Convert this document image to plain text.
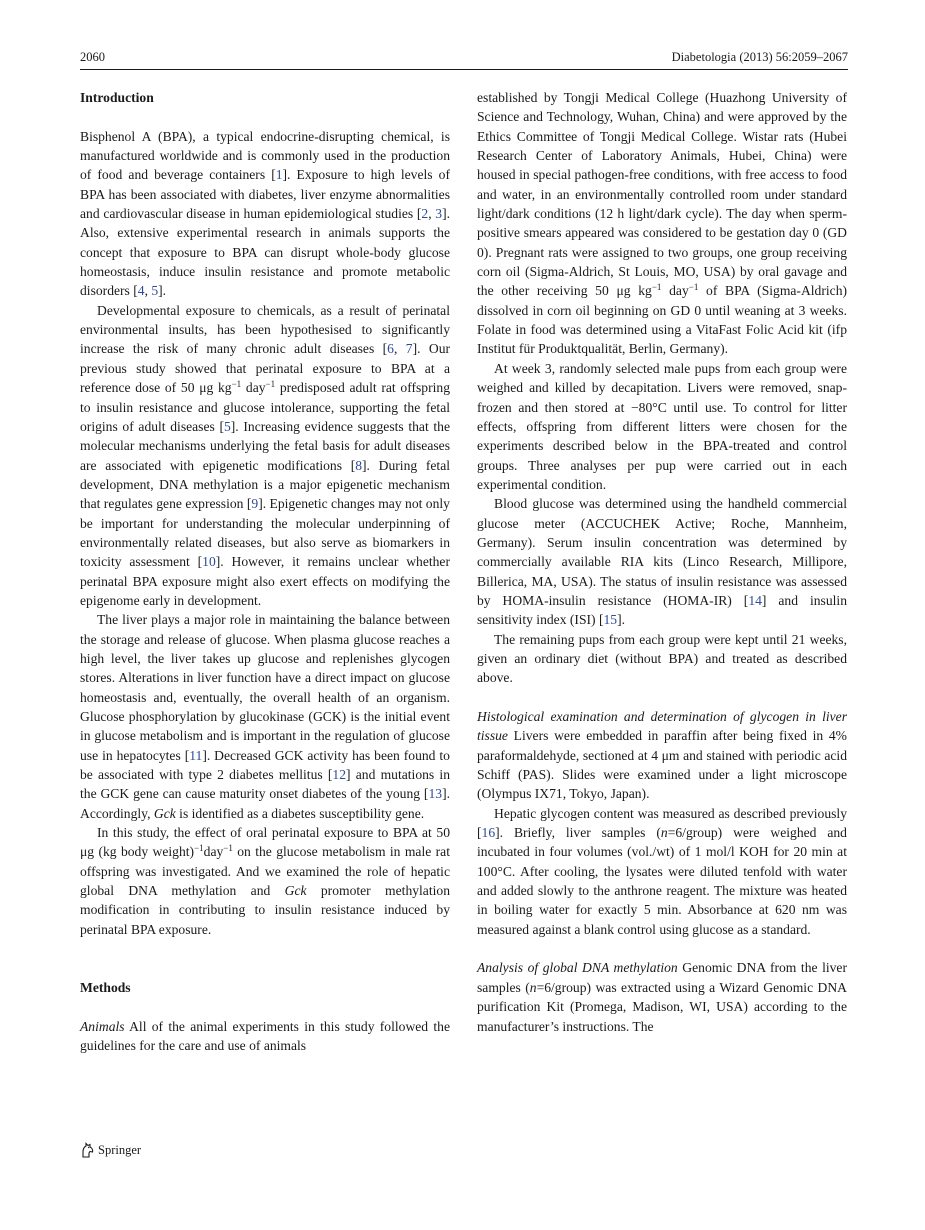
2060	Diabetologia (2013) 56:2059–2067
Introduction

Bisphenol A (BPA), a typical endocrine-disrupting chemical, is manufactured worldwide and is commonly used in the production of food and beverage containers [1]. Exposure to high levels of BPA has been associated with diabetes, liver enzyme abnormalities and cardiovascular disease in human epidemiological studies [2, 3]. Also, extensive experimental research in animals supports the concept that exposure to BPA can disrupt whole-body glucose homeostasis, induce insulin resistance and promote metabolic disorders [4, 5].

Developmental exposure to chemicals, as a result of perinatal environmental insults, has been hypothesised to significantly increase the risk of many chronic adult diseases [6, 7]. Our previous study showed that perinatal exposure to BPA at a reference dose of 50 μg $kg^{-1}$ day$^{-1}$ predisposed adult rat offspring to insulin resistance and glucose intolerance, supporting the fetal origins of adult diseases [5]. Increasing evidence suggests that the molecular mechanisms underlying the fetal basis for adult diseases are associated with epigenetic modifications [8]. During fetal development, DNA methylation is a major epigenetic mechanism that regulates gene expression [9]. Epigenetic changes may not only be important for understanding the molecular underpinning of environmentally related diseases, but also serve as biomarkers in toxicity assessment [10]. However, it remains unclear whether perinatal BPA exposure might also exert effects on modifying the epigenome early in development.

The liver plays a major role in maintaining the balance between the storage and release of glucose. When plasma glucose reaches a high level, the liver takes up glucose and replenishes glycogen stores. Alterations in liver function have a direct impact on glucose homeostasis and, eventually, the overall health of an organism. Glucose phosphorylation by glucokinase (GCK) is the initial event in glucose metabolism and is important in the regulation of glucose use in hepatocytes [11]. Decreased GCK activity has been found to be associated with type 2 diabetes mellitus [12] and mutations in the GCK gene can cause maturity onset diabetes of the young [13]. Accordingly, Gck is identified as a diabetes susceptibility gene.

In this study, the effect of oral perinatal exposure to BPA at 50 μg (kg body weight)$^{-1}$day$^{-1}$ on the glucose metabolism in male rat offspring was investigated. And we examined the role of hepatic global DNA methylation and Gck promoter methylation modification in contributing to insulin resistance induced by perinatal BPA exposure.

Methods

Animals All of the animal experiments in this study followed the guidelines for the care and use of animals

established by Tongji Medical College (Huazhong University of Science and Technology, Wuhan, China) and were approved by the Ethics Committee of Tongji Medical College. Wistar rats (Hubei Research Center of Laboratory Animals, Hubei, China) were housed in special pathogen-free conditions, with free access to food and water, in an environmentally controlled room under standard light/dark conditions (12 h light/dark cycle). The day when sperm-positive smears appeared was considered to be gestation day 0 (GD 0). Pregnant rats were assigned to two groups, one group receiving corn oil (Sigma-Aldrich, St Louis, MO, USA) by oral gavage and the other receiving 50 μg $kg^{-1}$ day$^{-1}$ of BPA (Sigma-Aldrich) dissolved in corn oil beginning on GD 0 until weaning at 3 weeks. Folate in food was determined using a VitaFast Folic Acid kit (ifp Institut für Produktqualität, Berlin, Germany).

At week 3, randomly selected male pups from each group were weighed and killed by decapitation. Livers were removed, snap-frozen and then stored at −80°C until use. To control for litter effects, offspring from different litters were chosen for the experiments described below in the BPA-treated and control groups. Three analyses per pup were carried out in each experimental condition.

Blood glucose was determined using the handheld commercial glucose meter (ACCUCHEK Active; Roche, Mannheim, Germany). Serum insulin concentration was determined by commercially available RIA kits (Linco Research, Millipore, Billerica, MA, USA). The status of insulin resistance was assessed by HOMA-insulin resistance (HOMA-IR) [14] and insulin sensitivity index (ISI) [15].

The remaining pups from each group were kept until 21 weeks, given an ordinary diet (without BPA) and treated as described above.

Histological examination and determination of glycogen in liver tissue Livers were embedded in paraffin after being fixed in 4% paraformaldehyde, sectioned at 4 μm and stained with periodic acid Schiff (PAS). Slides were examined under a light microscope (Olympus IX71, Tokyo, Japan).

Hepatic glycogen content was measured as described previously [16]. Briefly, liver samples (n=6/group) were weighed and incubated in four volumes (vol./wt) of 1 mol/l KOH for 20 min at 100°C. After cooling, the lysates were diluted tenfold with water and added slowly to the anthrone reagent. The mixture was heated in boiling water for exactly 5 min. Absorbance at 620 nm was measured against a blank control using glucose as a standard.

Analysis of global DNA methylation Genomic DNA from the liver samples (n=6/group) was extracted using a Wizard Genomic DNA purification Kit (Promega, Madison, WI, USA) according to the manufacturer’s instructions. The

Springer
